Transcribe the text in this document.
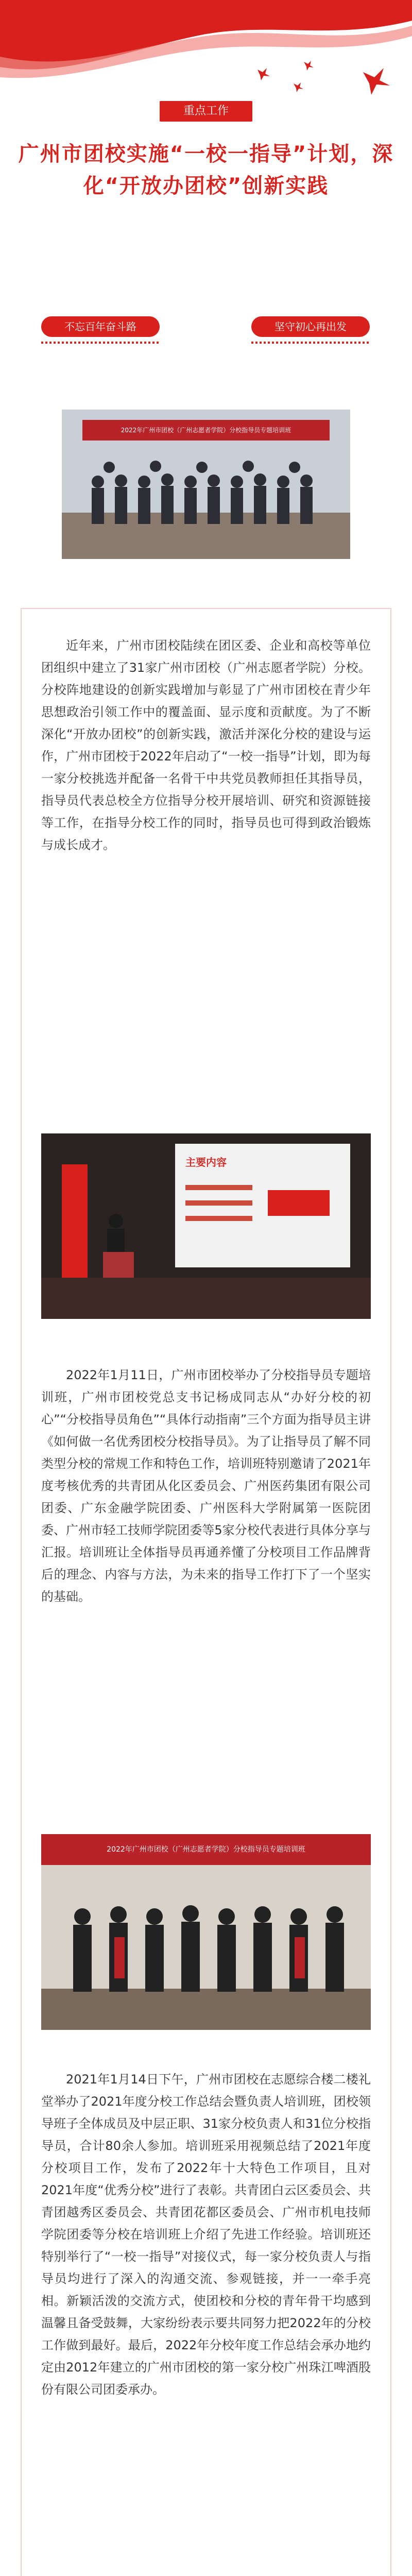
重点工作
广州市团校实施“一校一指导”计划，深化“开放办团校”创新实践
不忘百年奋斗路	坚守初心再出发
2022年广州市团校（广州志愿者学院）分校指导员专题培训班

近年来，广州市团校陆续在团区委、企业和高校等单位团组织中建立了31家广州市团校（广州志愿者学院）分校。分校阵地建设的创新实践增加与彰显了广州市团校在青少年思想政治引领工作中的覆盖面、显示度和贡献度。为了不断深化“开放办团校”的创新实践，激活并深化分校的建设与运作，广州市团校于2022年启动了“一校一指导”计划，即为每一家分校挑选并配备一名骨干中共党员教师担任其指导员，指导员代表总校全方位指导分校开展培训、研究和资源链接等工作，在指导分校工作的同时，指导员也可得到政治锻炼与成长成才。

主要内容

2022年1月11日，广州市团校举办了分校指导员专题培训班，广州市团校党总支书记杨成同志从“办好分校的初心”“分校指导员角色”“具体行动指南”三个方面为指导员主讲《如何做一名优秀团校分校指导员》。为了让指导员了解不同类型分校的常规工作和特色工作，培训班特别邀请了2021年度考核优秀的共青团从化区委员会、广州医药集团有限公司团委、广东金融学院团委、广州医科大学附属第一医院团委、广州市轻工技师学院团委等5家分校代表进行具体分享与汇报。培训班让全体指导员再通养懂了分校项目工作品牌背后的理念、内容与方法，为未来的指导工作打下了一个坚实的基础。

2022年广州市团校（广州志愿者学院）分校指导员专题培训班

2021年1月14日下午，广州市团校在志愿综合楼二楼礼堂举办了2021年度分校工作总结会暨负责人培训班，团校领导班子全体成员及中层正职、31家分校负责人和31位分校指导员，合计80余人参加。培训班采用视频总结了2021年度分校项目工作，发布了2022年十大特色工作项目，且对2021年度“优秀分校”进行了表彰。共青团白云区委员会、共青团越秀区委员会、共青团花都区委员会、广州市机电技师学院团委等分校在培训班上介绍了先进工作经验。培训班还特别举行了“一校一指导”对接仪式，每一家分校负责人与指导员均进行了深入的沟通交流、参观链接，并一一牵手亮相。新颖活泼的交流方式，使团校和分校的青年骨干均感到温馨且备受鼓舞，大家纷纷表示要共同努力把2022年的分校工作做到最好。最后，2022年分校年度工作总结会承办地约定由2012年建立的广州市团校的第一家分校广州珠江啤酒股份有限公司团委承办。
